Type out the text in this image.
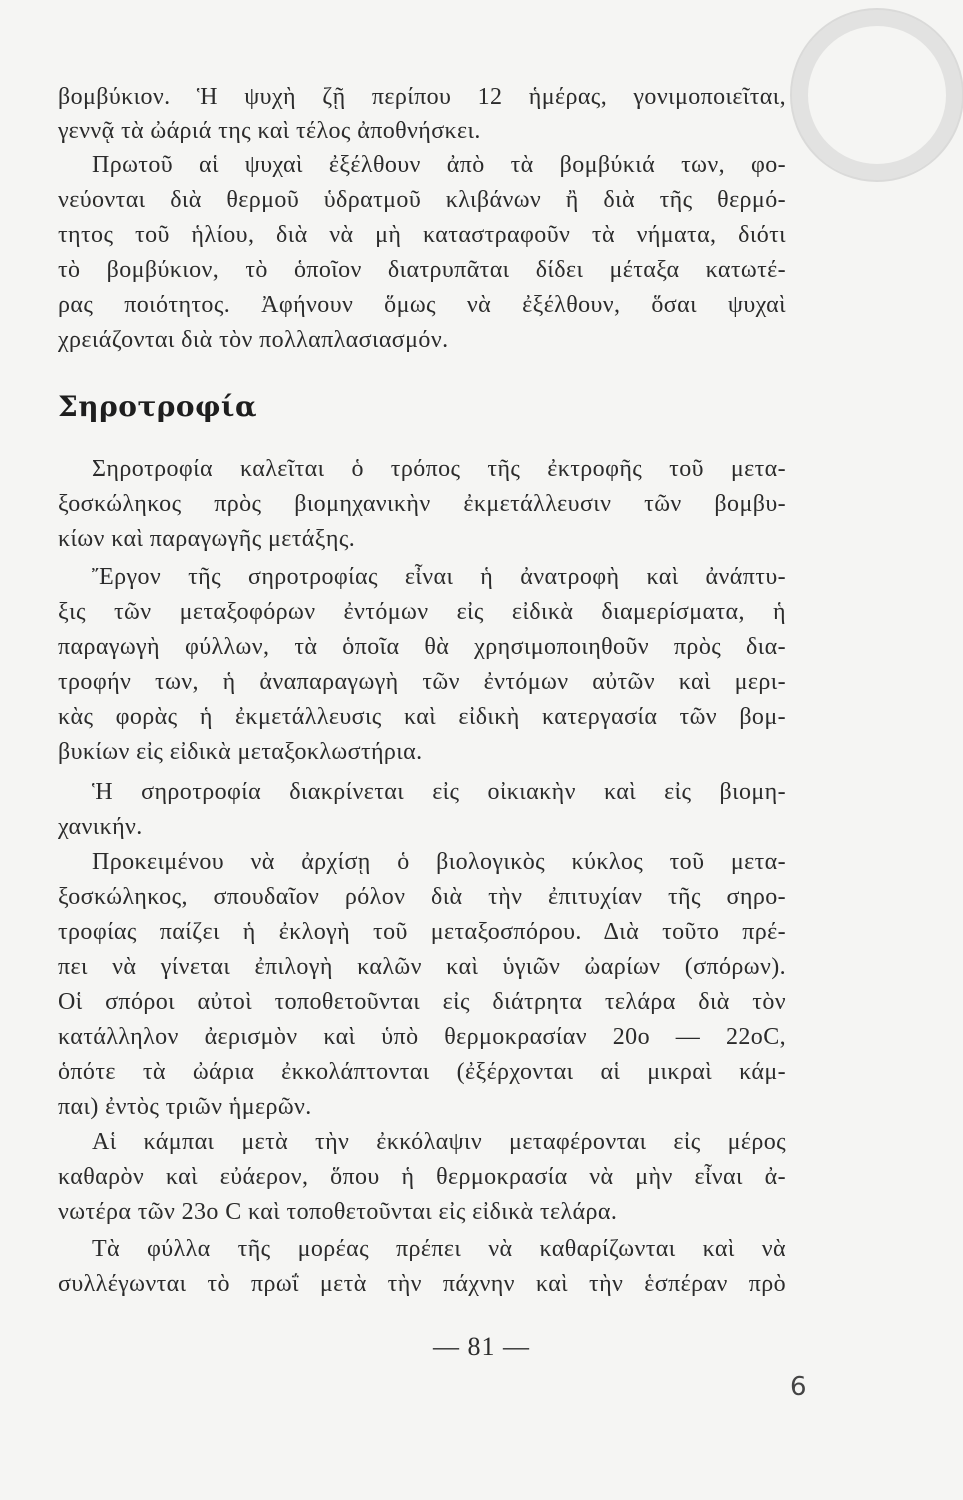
βομβύκιον. Ἡ ψυχὴ ζῇ περίπου 12 ἡμέρας, γονιμοποιεῖται,
γεννᾷ τὰ ὠάριά της καὶ τέλος ἀποθνήσκει.
Πρωτοῦ αἱ ψυχαὶ ἐξέλθουν ἀπὸ τὰ βομβύκιά των, φο-
νεύονται διὰ θερμοῦ ὑδρατμοῦ κλιβάνων ἢ διὰ τῆς θερμό-
τητος τοῦ ἡλίου, διὰ νὰ μὴ καταστραφοῦν τὰ νήματα, διότι
τὸ βομβύκιον, τὸ ὁποῖον διατρυπᾶται δίδει μέταξα κατωτέ-
ρας ποιότητος. Ἀφήνουν ὅμως νὰ ἐξέλθουν, ὅσαι ψυχαὶ
χρειάζονται διὰ τὸν πολλαπλασιασμόν.
Σηροτροφία
Σηροτροφία καλεῖται ὁ τρόπος τῆς ἐκτροφῆς τοῦ μετα-
ξοσκώληκος πρὸς βιομηχανικὴν ἐκμετάλλευσιν τῶν βομβυ-
κίων καὶ παραγωγῆς μετάξης.
Ἔργον τῆς σηροτροφίας εἶναι ἡ ἀνατροφὴ καὶ ἀνάπτυ-
ξις τῶν μεταξοφόρων ἐντόμων εἰς εἰδικὰ διαμερίσματα, ἡ
παραγωγὴ φύλλων, τὰ ὁποῖα θὰ χρησιμοποιηθοῦν πρὸς δια-
τροφήν των, ἡ ἀναπαραγωγὴ τῶν ἐντόμων αὐτῶν καὶ μερι-
κὰς φορὰς ἡ ἐκμετάλλευσις καὶ εἰδικὴ κατεργασία τῶν βομ-
βυκίων εἰς εἰδικὰ μεταξοκλωστήρια.
Ἡ σηροτροφία διακρίνεται εἰς οἰκιακὴν καὶ εἰς βιομη-
χανικήν.
Προκειμένου νὰ ἀρχίσῃ ὁ βιολογικὸς κύκλος τοῦ μετα-
ξοσκώληκος, σπουδαῖον ρόλον διὰ τὴν ἐπιτυχίαν τῆς σηρο-
τροφίας παίζει ἡ ἐκλογὴ τοῦ μεταξοσπόρου. Διὰ τοῦτο πρέ-
πει νὰ γίνεται ἐπιλογὴ καλῶν καὶ ὑγιῶν ὠαρίων (σπόρων).
Οἱ σπόροι αὐτοὶ τοποθετοῦνται εἰς διάτρητα τελάρα διὰ τὸν
κατάλληλον ἀερισμὸν καὶ ὑπὸ θερμοκρασίαν 20ο — 22οC,
ὁπότε τὰ ὠάρια ἐκκολάπτονται (ἐξέρχονται αἱ μικραὶ κάμ-
παι) ἐντὸς τριῶν ἡμερῶν.
Αἱ κάμπαι μετὰ τὴν ἐκκόλαψιν μεταφέρονται εἰς μέρος
καθαρὸν καὶ εὐάερον, ὅπου ἡ θερμοκρασία νὰ μὴν εἶναι ἀ-
νωτέρα τῶν 23ο C καὶ τοποθετοῦνται εἰς εἰδικὰ τελάρα.
Τὰ φύλλα τῆς μορέας πρέπει νὰ καθαρίζωνται καὶ νὰ
συλλέγωνται τὸ πρωΐ μετὰ τὴν πάχνην καὶ τὴν ἑσπέραν πρὸ
— 81 —
6
